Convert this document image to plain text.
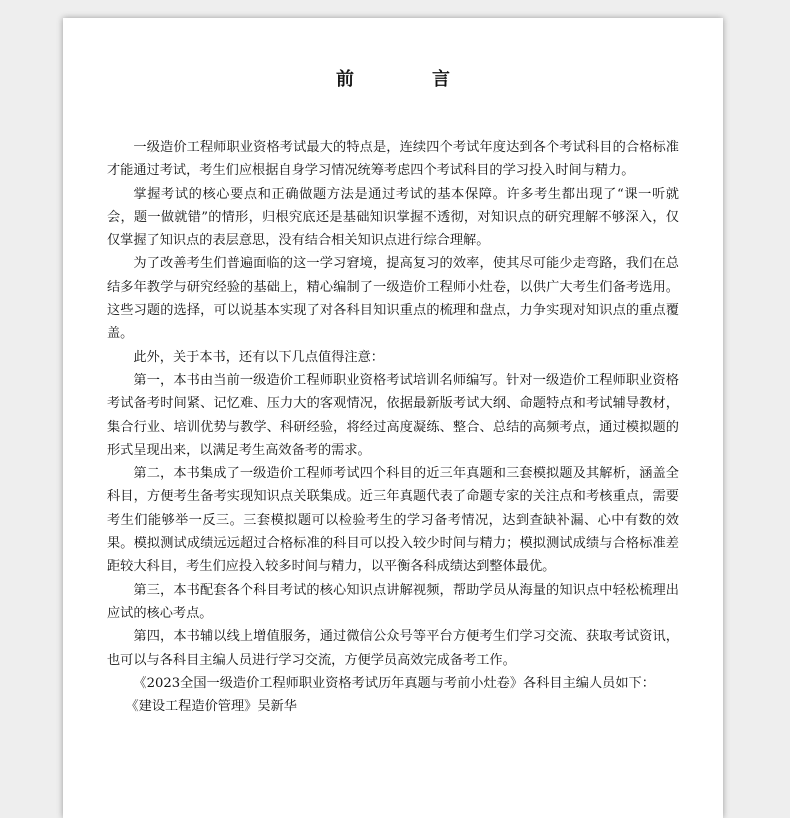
前　言

一级造价工程师职业资格考试最大的特点是，连续四个考试年度达到各个考试科目的合格标准才能通过考试，考生们应根据自身学习情况统筹考虑四个考试科目的学习投入时间与精力。

掌握考试的核心要点和正确做题方法是通过考试的基本保障。许多考生都出现了“课一听就会，题一做就错”的情形，归根究底还是基础知识掌握不透彻，对知识点的研究理解不够深入，仅仅掌握了知识点的表层意思，没有结合相关知识点进行综合理解。

为了改善考生们普遍面临的这一学习窘境，提高复习的效率，使其尽可能少走弯路，我们在总结多年教学与研究经验的基础上，精心编制了一级造价工程师小灶卷，以供广大考生们备考选用。这些习题的选择，可以说基本实现了对各科目知识重点的梳理和盘点，力争实现对知识点的重点覆盖。

此外，关于本书，还有以下几点值得注意：

第一，本书由当前一级造价工程师职业资格考试培训名师编写。针对一级造价工程师职业资格考试备考时间紧、记忆难、压力大的客观情况，依据最新版考试大纲、命题特点和考试辅导教材，集合行业、培训优势与教学、科研经验，将经过高度凝练、整合、总结的高频考点，通过模拟题的形式呈现出来，以满足考生高效备考的需求。

第二，本书集成了一级造价工程师考试四个科目的近三年真题和三套模拟题及其解析，涵盖全科目，方便考生备考实现知识点关联集成。近三年真题代表了命题专家的关注点和考核重点，需要考生们能够举一反三。三套模拟题可以检验考生的学习备考情况，达到查缺补漏、心中有数的效果。模拟测试成绩远远超过合格标准的科目可以投入较少时间与精力；模拟测试成绩与合格标准差距较大科目，考生们应投入较多时间与精力，以平衡各科成绩达到整体最优。

第三，本书配套各个科目考试的核心知识点讲解视频，帮助学员从海量的知识点中轻松梳理出应试的核心考点。

第四，本书辅以线上增值服务，通过微信公众号等平台方便考生们学习交流、获取考试资讯，也可以与各科目主编人员进行学习交流，方便学员高效完成备考工作。

《2023全国一级造价工程师职业资格考试历年真题与考前小灶卷》各科目主编人员如下：

《建设工程造价管理》吴新华
